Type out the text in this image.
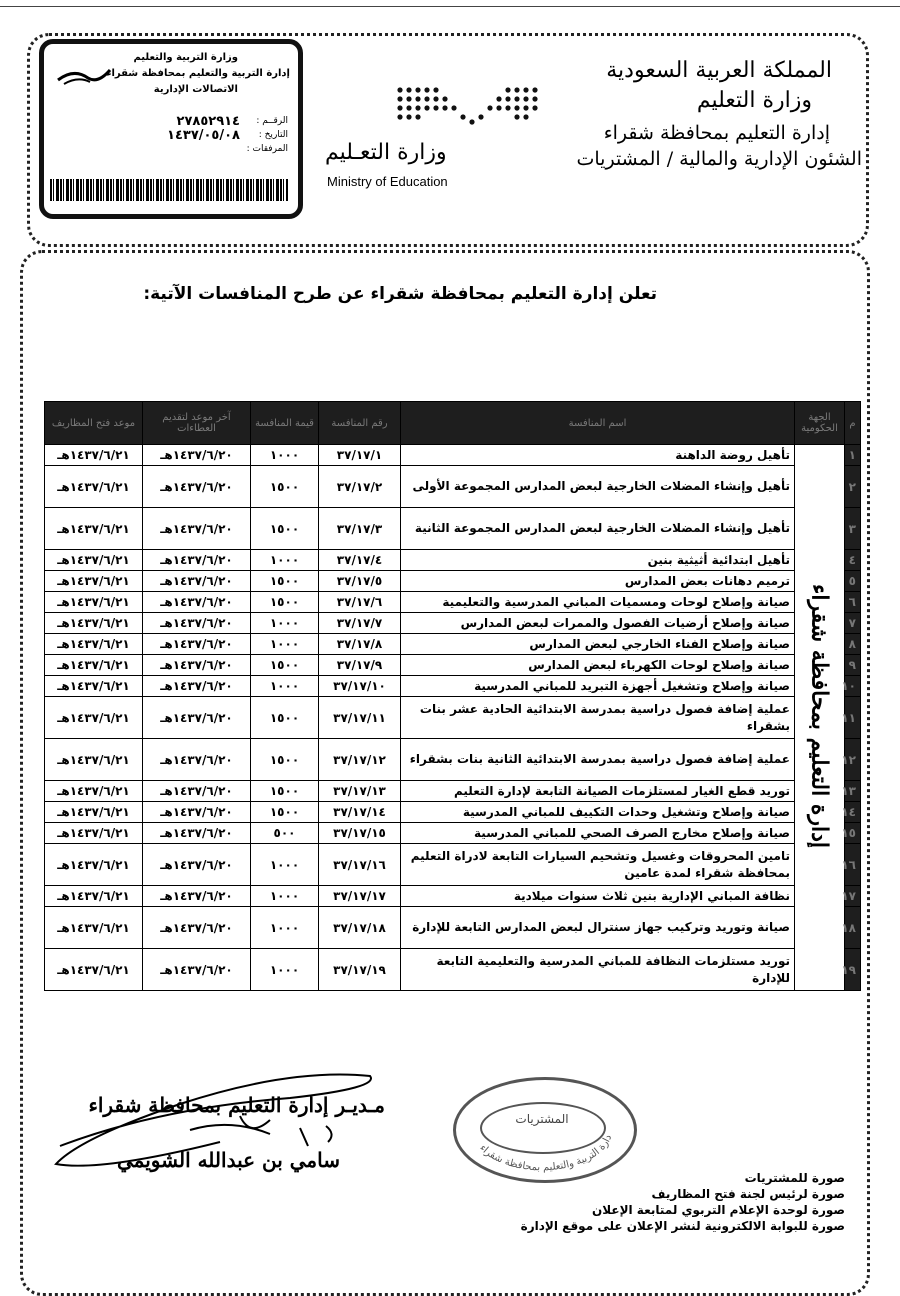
وزارة التربية والتعليم
إدارة التربية والتعليم بمحافظة شقراء
الاتصالات الإدارية
الرقــم :
٢٧٨٥٢٩١٤
التاريخ :
١٤٣٧/٠٥/٠٨
المرفقات : وزارة التعـليم
Ministry of Education
المملكة العربية السعودية
وزارة التعليم
إدارة التعليم بمحافظة شقراء
الشئون الإدارية والمالية / المشتريات
تعلن إدارة التعليم بمحافظة شقراء عن طرح المنافسات الآتية:
م	الجهة الحكومية	اسم المنافسة	رقم المنافسة	قيمة المنافسة	آخر موعد لتقديم العطاءات	موعد فتح المظاريف
١	إدارة التعليم بمحافظة شقراء	تأهيل روضة الداهنة	٣٧/١٧/١	١٠٠٠	١٤٣٧/٦/٢٠هـ	١٤٣٧/٦/٢١هـ
٢		تأهيل وإنشاء المضلات الخارجية لبعض المدارس المجموعة الأولى	٣٧/١٧/٢	١٥٠٠	١٤٣٧/٦/٢٠هـ	١٤٣٧/٦/٢١هـ
٣		تأهيل وإنشاء المضلات الخارجية لبعض المدارس المجموعة الثانية	٣٧/١٧/٣	١٥٠٠	١٤٣٧/٦/٢٠هـ	١٤٣٧/٦/٢١هـ
٤		تأهيل ابتدائية أثيثية بنين	٣٧/١٧/٤	١٠٠٠	١٤٣٧/٦/٢٠هـ	١٤٣٧/٦/٢١هـ
٥		ترميم دهانات بعض المدارس	٣٧/١٧/٥	١٥٠٠	١٤٣٧/٦/٢٠هـ	١٤٣٧/٦/٢١هـ
٦		صيانة وإصلاح لوحات ومسميات المباني المدرسية والتعليمية	٣٧/١٧/٦	١٥٠٠	١٤٣٧/٦/٢٠هـ	١٤٣٧/٦/٢١هـ
٧		صيانة وإصلاح أرضيات الفصول والممرات لبعض المدارس	٣٧/١٧/٧	١٠٠٠	١٤٣٧/٦/٢٠هـ	١٤٣٧/٦/٢١هـ
٨		صيانة وإصلاح الفناء الخارجي لبعض المدارس	٣٧/١٧/٨	١٠٠٠	١٤٣٧/٦/٢٠هـ	١٤٣٧/٦/٢١هـ
٩		صيانة وإصلاح لوحات الكهرباء لبعض المدارس	٣٧/١٧/٩	١٥٠٠	١٤٣٧/٦/٢٠هـ	١٤٣٧/٦/٢١هـ
١٠		صيانة وإصلاح وتشغيل أجهزة التبريد للمباني المدرسية	٣٧/١٧/١٠	١٠٠٠	١٤٣٧/٦/٢٠هـ	١٤٣٧/٦/٢١هـ
١١		عملية إضافة فصول دراسية بمدرسة الابتدائية الحادية عشر بنات بشقراء	٣٧/١٧/١١	١٥٠٠	١٤٣٧/٦/٢٠هـ	١٤٣٧/٦/٢١هـ
١٢		عملية إضافة فصول دراسية بمدرسة الابتدائية الثانية بنات بشقراء	٣٧/١٧/١٢	١٥٠٠	١٤٣٧/٦/٢٠هـ	١٤٣٧/٦/٢١هـ
١٣		توريد قطع الغيار لمستلزمات الصيانة التابعة لإدارة التعليم	٣٧/١٧/١٣	١٥٠٠	١٤٣٧/٦/٢٠هـ	١٤٣٧/٦/٢١هـ
١٤		صيانة وإصلاح وتشغيل وحدات التكييف للمباني المدرسية	٣٧/١٧/١٤	١٥٠٠	١٤٣٧/٦/٢٠هـ	١٤٣٧/٦/٢١هـ
١٥		صيانة وإصلاح مخارج الصرف الصحي للمباني المدرسية	٣٧/١٧/١٥	٥٠٠	١٤٣٧/٦/٢٠هـ	١٤٣٧/٦/٢١هـ
١٦		تامين المحروقات وغسيل وتشحيم السيارات التابعة لادراة التعليم بمحافظة شقراء لمدة عامين	٣٧/١٧/١٦	١٠٠٠	١٤٣٧/٦/٢٠هـ	١٤٣٧/٦/٢١هـ
١٧		نظافة المباني الإدارية بنين ثلاث سنوات ميلادية	٣٧/١٧/١٧	١٠٠٠	١٤٣٧/٦/٢٠هـ	١٤٣٧/٦/٢١هـ
١٨		صيانة وتوريد وتركيب جهاز سنترال لبعض المدارس التابعة للإدارة	٣٧/١٧/١٨	١٠٠٠	١٤٣٧/٦/٢٠هـ	١٤٣٧/٦/٢١هـ
١٩		توريد مستلزمات النظافة للمباني المدرسية والتعليمية التابعة للإدارة	٣٧/١٧/١٩	١٠٠٠	١٤٣٧/٦/٢٠هـ	١٤٣٧/٦/٢١هـ
المشتريات
دارة التربية والتعليم بمحافظة شقراء
مـديـر إدارة التعليم بمحافظة شقراء
سامي بن عبدالله الشويمي
صورة للمشتريات
صورة لرئيس لجنة فتح المظاريف
صورة لوحدة الإعلام التربوي لمتابعة الإعلان
صورة للبوابة الالكترونية لنشر الإعلان على موقع الإدارة
